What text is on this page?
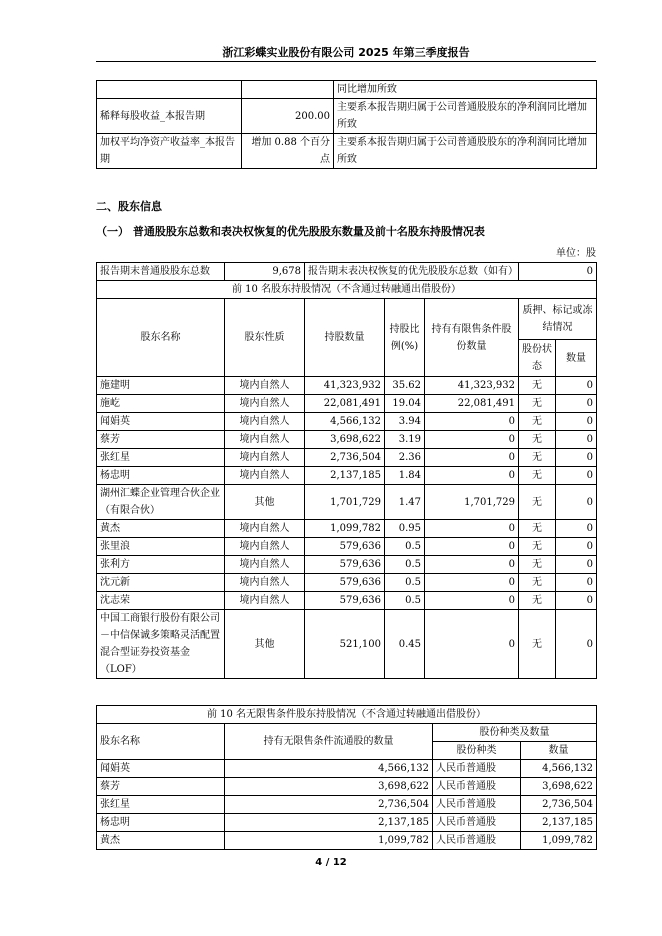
浙江彩蝶实业股份有限公司 2025 年第三季度报告
		同比增加所致
稀释每股收益_本报告期	200.00	主要系本报告期归属于公司普通股股东的净利润同比增加所致
加权平均净资产收益率_本报告期	增加 0.88 个百分点	主要系本报告期归属于公司普通股股东的净利润同比增加所致
二、股东信息
（一） 普通股股东总数和表决权恢复的优先股股东数量及前十名股东持股情况表
单位：股
报告期末普通股股东总数	9,678	报告期末表决权恢复的优先股股东总数（如有）			0	
前 10 名股东持股情况（不含通过转融通出借股份）						
股东名称	股东性质	持股数量	持股比例(%)	持有有限售条件股份数量	质押、标记或冻结情况	
					股份状态	数量
施建明	境内自然人	41,323,932	35.62	41,323,932	无	0
施屹	境内自然人	22,081,491	19.04	22,081,491	无	0
闻娟英	境内自然人	4,566,132	3.94	0	无	0
蔡芳	境内自然人	3,698,622	3.19	0	无	0
张红星	境内自然人	2,736,504	2.36	0	无	0
杨忠明	境内自然人	2,137,185	1.84	0	无	0
湖州汇蝶企业管理合伙企业（有限合伙）	其他	1,701,729	1.47	1,701,729	无	0
黄杰	境内自然人	1,099,782	0.95	0	无	0
张里浪	境内自然人	579,636	0.5	0	无	0
张利方	境内自然人	579,636	0.5	0	无	0
沈元新	境内自然人	579,636	0.5	0	无	0
沈志荣	境内自然人	579,636	0.5	0	无	0
中国工商银行股份有限公司－中信保诚多策略灵活配置混合型证券投资基金（LOF）	其他	521,100	0.45	0	无	0
前 10 名无限售条件股东持股情况（不含通过转融通出借股份）			
股东名称	持有无限售条件流通股的数量	股份种类及数量	
		股份种类	数量
闻娟英	4,566,132	人民币普通股	4,566,132
蔡芳	3,698,622	人民币普通股	3,698,622
张红星	2,736,504	人民币普通股	2,736,504
杨忠明	2,137,185	人民币普通股	2,137,185
黄杰	1,099,782	人民币普通股	1,099,782
4 / 12
